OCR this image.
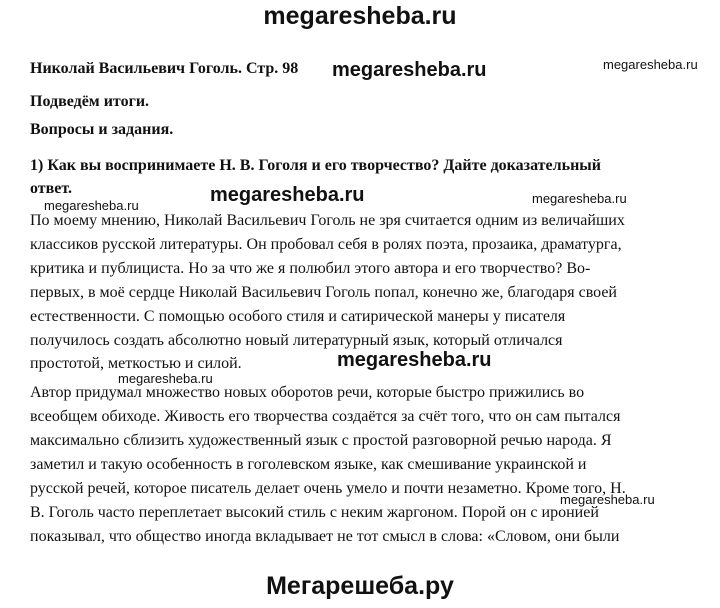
megaresheba.ru
Николай Васильевич Гоголь. Стр. 98 megaresheba.ru	megaresheba.ru
Подведём итоги.
Вопросы и задания.
1) Как вы воспринимаете Н. В. Гоголя и его творчество? Дайте доказательный
ответ.	megaresheba.ru	megaresheba.ru
megaresheba.ru
По моему мнению, Николай Васильевич Гоголь не зря считается одним из величайших
классиков русской литературы. Он пробовал себя в ролях поэта, прозаика, драматурга,
критика и публициста. Но за что же я полюбил этого автора и его творчество? Во-
первых, в моё сердце Николай Васильевич Гоголь попал, конечно же, благодаря своей
естественности. С помощью особого стиля и сатирической манеры у писателя
получилось создать абсолютно новый литературный язык, который отличался
простотой, меткостью и силой.	megaresheba.ru
megaresheba.ru
Автор придумал множество новых оборотов речи, которые быстро прижились во
всеобщем обиходе. Живость его творчества создаётся за счёт того, что он сам пытался
максимально сблизить художественный язык с простой разговорной речью народа. Я
заметил и такую особенность в гоголевском языке, как смешивание украинской и
русской речей, которое писатель делает очень умело и почти незаметно. Кроме того, Н.
megaresheba.ru
В. Гоголь часто переплетает высокий стиль с неким жаргоном. Порой он с иронией
показывал, что общество иногда вкладывает не тот смысл в слова: «Словом, они были
Мегарешеба.ру
